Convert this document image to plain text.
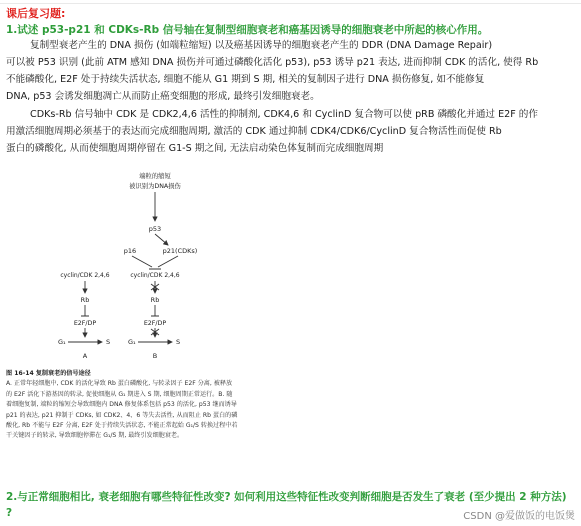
课后复习题:
1.试述 p53-p21 和 CDKs-Rb 信号轴在复制型细胞衰老和癌基因诱导的细胞衰老中所起的核心作用。
复制型衰老产生的 DNA 损伤 (如端粒缩短) 以及癌基因诱导的细胞衰老产生的 DDR (DNA Damage Repair)
可以被 P53 识别 (此前 ATM 感知 DNA 损伤并可通过磷酸化活化 p53), p53 诱导 p21 表达, 进而抑制 CDK 的活化, 使得 Rb
不能磷酸化, E2F 处于持续失活状态, 细胞不能从 G1 期到 S 期, 相关的复制因子进行 DNA 损伤修复, 如不能修复
DNA, p53 会诱发细胞凋亡从而防止癌变细胞的形成, 最终引发细胞衰老。
CDKs-Rb 信号轴中 CDK 是 CDK2,4,6 活性的抑制剂, CDK4,6 和 CyclinD 复合物可以使 pRB 磷酸化并通过 E2F 的作
用激活细胞周期必须基于的表达而完成细胞周期, 激活的 CDK 通过抑制 CDK4/CDK6/CyclinD 复合物活性而促使 Rb
蛋白的磷酸化, 从而使细胞周期停留在 G1-S 期之间, 无法启动染色体复制而完成细胞周期
端粒的缩短
被识别为DNA损伤
p53
p16	p21(CDKs)
cyclin/CDK 2,4,6	cyclin/CDK 2,4,6
Rb	Rb
E2F/DP	E2F/DP
G₁	S	G₁	S
A	B
图 16-14 复制衰老的信号途径
A. 正常年轻细胞中, CDK 的活化导致 Rb 蛋白磷酸化, 与转录因子 E2F 分离, 被释放的 E2F 活化下游基因的转录, 促使细胞从 G₁ 期进入 S 期, 细胞周期正常运行。B. 随着细胞复制, 端粒的缩短会导致细胞内 DNA 修复体系包括 p53 的活化, p53 继而诱导 p21 的表达, p21 抑制于 CDKs, 如 CDK2、4、6 等失去活性, 从而阻止 Rb 蛋白的磷酸化, Rb 不能与 E2F 分离, E2F 处于持续失活状态, 不能正常起始 G₁/S 转换过程中若干关键因子的转录, 导致细胞停滞在 G₁/S 期, 最终引发细胞衰老。
2.与正常细胞相比, 衰老细胞有哪些特征性改变? 如何利用这些特征性改变判断细胞是否发生了衰老 (至少提出 2 种方法) ?	CSDN @爱做饭的电饭煲
